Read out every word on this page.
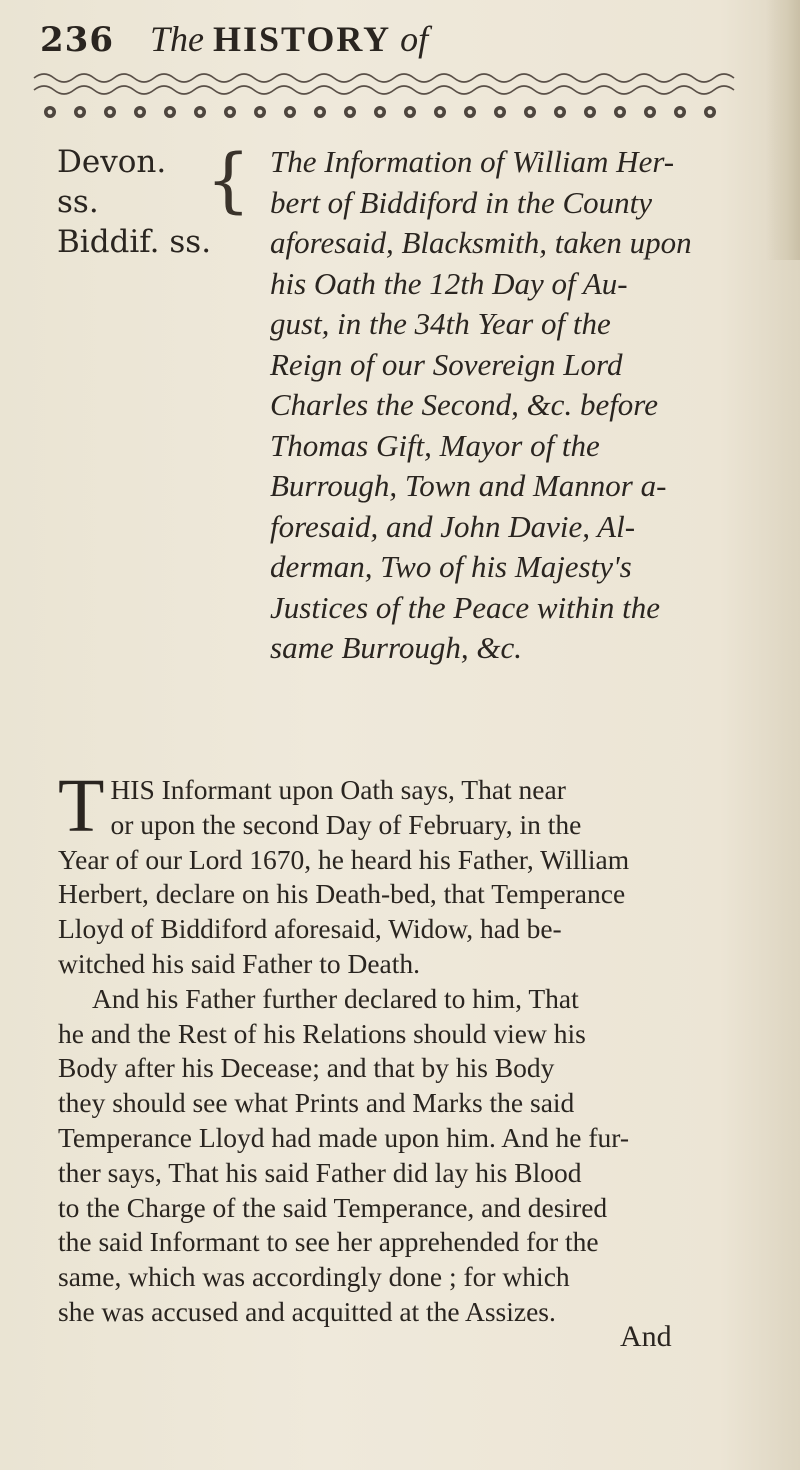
236 The HISTORY of
Devon. ss.
Biddif. ss.
{ The Information of William Her-
bert of Biddiford in the County
aforesaid, Blacksmith, taken upon
his Oath the 12th Day of Au-
gust, in the 34th Year of the
Reign of our Sovereign Lord
Charles the Second, &c. before
Thomas Gift, Mayor of the
Burrough, Town and Mannor a-
foresaid, and John Davie, Al-
derman, Two of his Majesty's
Justices of the Peace within the
same Burrough, &c.
T HIS Informant upon Oath says, That near
or upon the second Day of February, in the
Year of our Lord 1670, he heard his Father, William
Herbert, declare on his Death-bed, that Temperance
Lloyd of Biddiford aforesaid, Widow, had be-
witched his said Father to Death.
And his Father further declared to him, That
he and the Rest of his Relations should view his
Body after his Decease; and that by his Body
they should see what Prints and Marks the said
Temperance Lloyd had made upon him. And he fur-
ther says, That his said Father did lay his Blood
to the Charge of the said Temperance, and desired
the said Informant to see her apprehended for the
same, which was accordingly done ; for which
she was accused and acquitted at the Assizes.
And
